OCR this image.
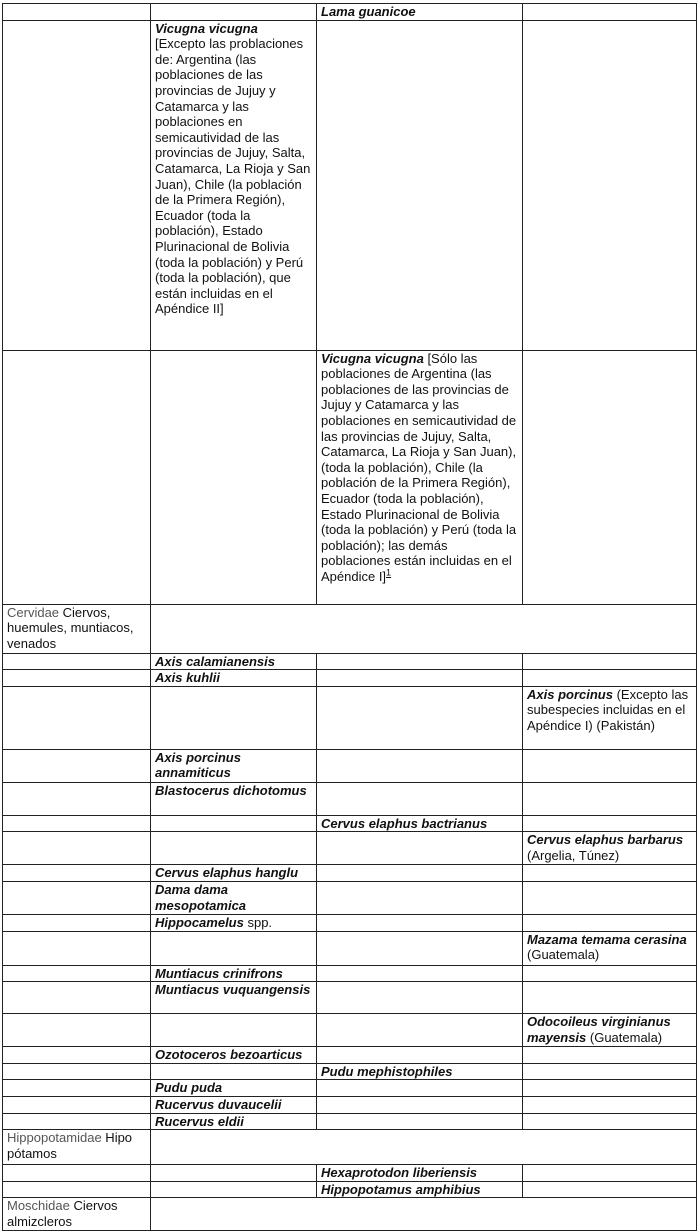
		Lama guanicoe	
	Vicugna vicugna [Excepto las problaciones de: Argentina (las poblaciones de las provincias de Jujuy y Catamarca y las poblaciones en semicautividad de las provincias de Jujuy, Salta, Catamarca, La Rioja y San Juan), Chile (la población de la Primera Región), Ecuador (toda la población), Estado Plurinacional de Bolivia (toda la población) y Perú (toda la población), que están incluidas en el Apéndice II]		
		Vicugna vicugna [Sólo las poblaciones de Argentina (las poblaciones de las provincias de Jujuy y Catamarca y las poblaciones en semicautividad de las provincias de Jujuy, Salta, Catamarca, La Rioja y San Juan), (toda la población), Chile (la población de la Primera Región), Ecuador (toda la población), Estado Plurinacional de Bolivia (toda la población) y Perú (toda la población); las demás poblaciones están incluidas en el Apéndice I]$^1$	
Cervidae Ciervos, huemules, muntiacos, venados			
	Axis calamianensis		
	Axis kuhlii		
			Axis porcinus (Excepto las subespecies incluidas en el Apéndice I) (Pakistán)
	Axis porcinus annamiticus		
	Blastocerus dichotomus		
		Cervus elaphus bactrianus	
			Cervus elaphus barbarus (Argelia, Túnez)
	Cervus elaphus hanglu		
	Dama dama mesopotamica		
	Hippocamelus spp.		
			Mazama temama cerasina (Guatemala)
	Muntiacus crinifrons		
	Muntiacus vuquangensis		
			Odocoileus virginianus mayensis (Guatemala)
	Ozotoceros bezoarticus		
		Pudu mephistophiles	
	Pudu puda		
	Rucervus duvaucelii		
	Rucervus eldii		
Hippopotamidae Hipo pótamos			
		Hexaprotodon liberiensis	
		Hippopotamus amphibius	
Moschidae Ciervos almizcleros			
